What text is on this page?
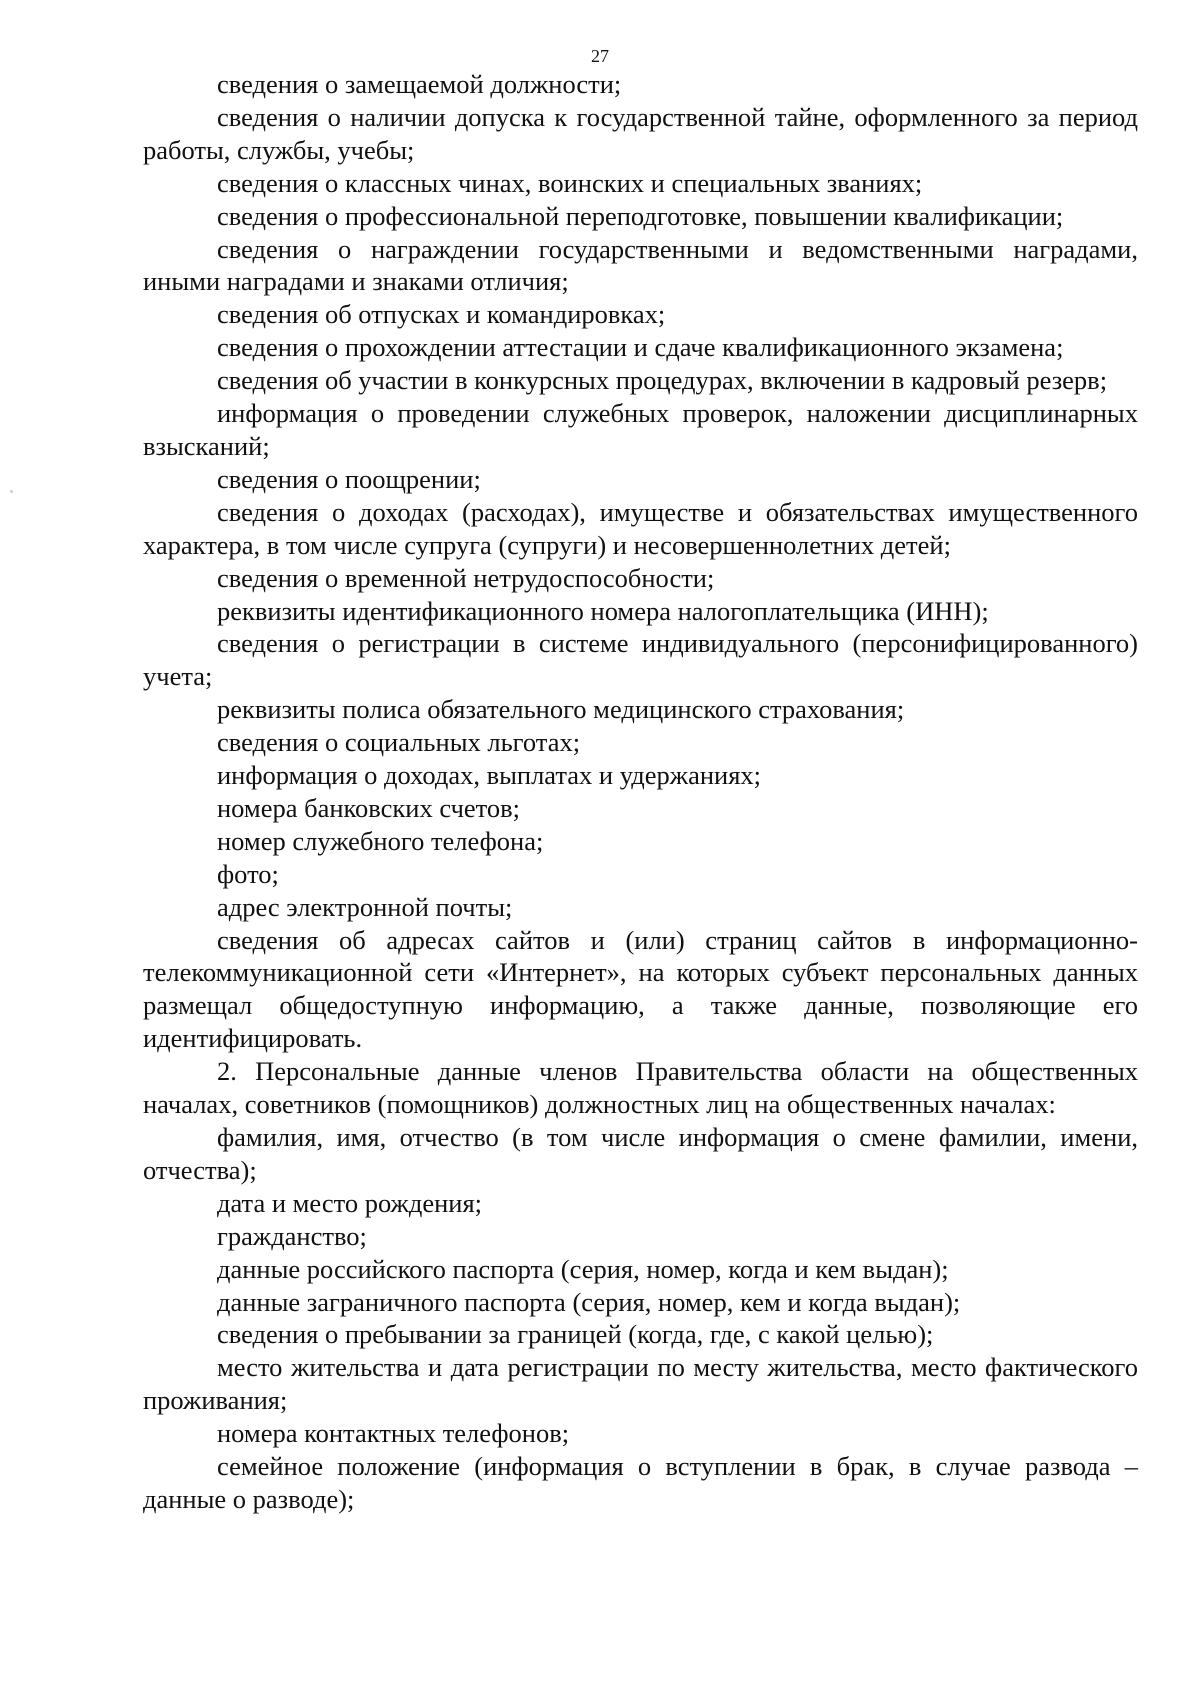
27

сведения о замещаемой должности;

сведения о наличии допуска к государственной тайне, оформленного за период работы, службы, учебы;

сведения о классных чинах, воинских и специальных званиях;

сведения о профессиональной переподготовке, повышении квалификации;

сведения о награждении государственными и ведомственными наградами, иными наградами и знаками отличия;

сведения об отпусках и командировках;

сведения о прохождении аттестации и сдаче квалификационного экзамена;

сведения об участии в конкурсных процедурах, включении в кадровый резерв;

информация о проведении служебных проверок, наложении дисциплинарных взысканий;

сведения о поощрении;

сведения о доходах (расходах), имуществе и обязательствах имущественного характера, в том числе супруга (супруги) и несовершеннолетних детей;

сведения о временной нетрудоспособности;

реквизиты идентификационного номера налогоплательщика (ИНН);

сведения о регистрации в системе индивидуального (персонифицированного) учета;

реквизиты полиса обязательного медицинского страхования;

сведения о социальных льготах;

информация о доходах, выплатах и удержаниях;

номера банковских счетов;

номер служебного телефона;

фото;

адрес электронной почты;

сведения об адресах сайтов и (или) страниц сайтов в информационно-телекоммуникационной сети «Интернет», на которых субъект персональных данных размещал общедоступную информацию, а также данные, позволяющие его идентифицировать.

2. Персональные данные членов Правительства области на общественных началах, советников (помощников) должностных лиц на общественных началах:

фамилия, имя, отчество (в том числе информация о смене фамилии, имени, отчества);

дата и место рождения;

гражданство;

данные российского паспорта (серия, номер, когда и кем выдан);

данные заграничного паспорта (серия, номер, кем и когда выдан);

сведения о пребывании за границей (когда, где, с какой целью);

место жительства и дата регистрации по месту жительства, место фактического проживания;

номера контактных телефонов;

семейное положение (информация о вступлении в брак, в случае развода – данные о разводе);
